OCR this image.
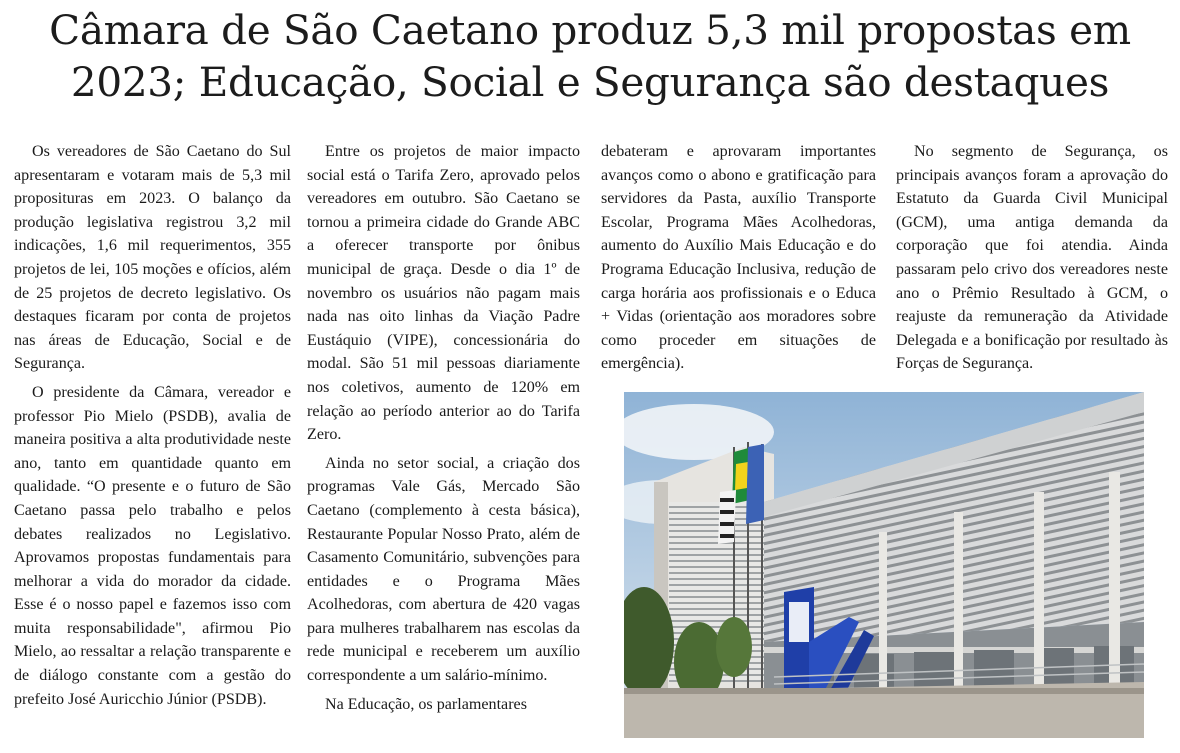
Câmara de São Caetano produz 5,3 mil propostas em 2023; Educação, Social e Segurança são destaques

Os vereadores de São Caetano do Sul apresentaram e votaram mais de 5,3 mil proposituras em 2023. O balanço da produção legislativa registrou 3,2 mil indicações, 1,6 mil requerimentos, 355 projetos de lei, 105 moções e ofícios, além de 25 projetos de decreto legislativo. Os destaques ficaram por conta de projetos nas áreas de Educação, Social e de Segurança.

O presidente da Câmara, vereador e professor Pio Mielo (PSDB), avalia de maneira positiva a alta produtividade neste ano, tanto em quantidade quanto em qualidade. “O presente e o futuro de São Caetano passa pelo trabalho e pelos debates realizados no Legislativo. Aprovamos propostas fundamentais para melhorar a vida do morador da cidade. Esse é o nosso papel e fazemos isso com muita responsabilidade", afirmou Pio Mielo, ao ressaltar a relação transparente e de diálogo constante com a gestão do prefeito José Auricchio Júnior (PSDB).

Entre os projetos de maior impacto social está o Tarifa Zero, aprovado pelos vereadores em outubro. São Caetano se tornou a primeira cidade do Grande ABC a oferecer transporte por ônibus municipal de graça. Desde o dia 1º de novembro os usuários não pagam mais nada nas oito linhas da Viação Padre Eustáquio (VIPE), concessionária do modal. São 51 mil pessoas diariamente nos coletivos, aumento de 120% em relação ao período anterior ao do Tarifa Zero.

Ainda no setor social, a criação dos programas Vale Gás, Mercado São Caetano (complemento à cesta básica), Restaurante Popular Nosso Prato, além de Casamento Comunitário, subvenções para entidades e o Programa Mães Acolhedoras, com abertura de 420 vagas para mulheres trabalharem nas escolas da rede municipal e receberem um auxílio correspondente a um salário-mínimo.

Na Educação, os parlamentares

debateram e aprovaram importantes avanços como o abono e gratificação para servidores da Pasta, auxílio Transporte Escolar, Programa Mães Acolhedoras, aumento do Auxílio Mais Educação e do Programa Educação Inclusiva, redução de carga horária aos profissionais e o Educa + Vidas (orientação aos moradores sobre como proceder em situações de emergência).

No segmento de Segurança, os principais avanços foram a aprovação do Estatuto da Guarda Civil Municipal (GCM), uma antiga demanda da corporação que foi atendia. Ainda passaram pelo crivo dos vereadores neste ano o Prêmio Resultado à GCM, o reajuste da remuneração da Atividade Delegada e a bonificação por resultado às Forças de Segurança.
